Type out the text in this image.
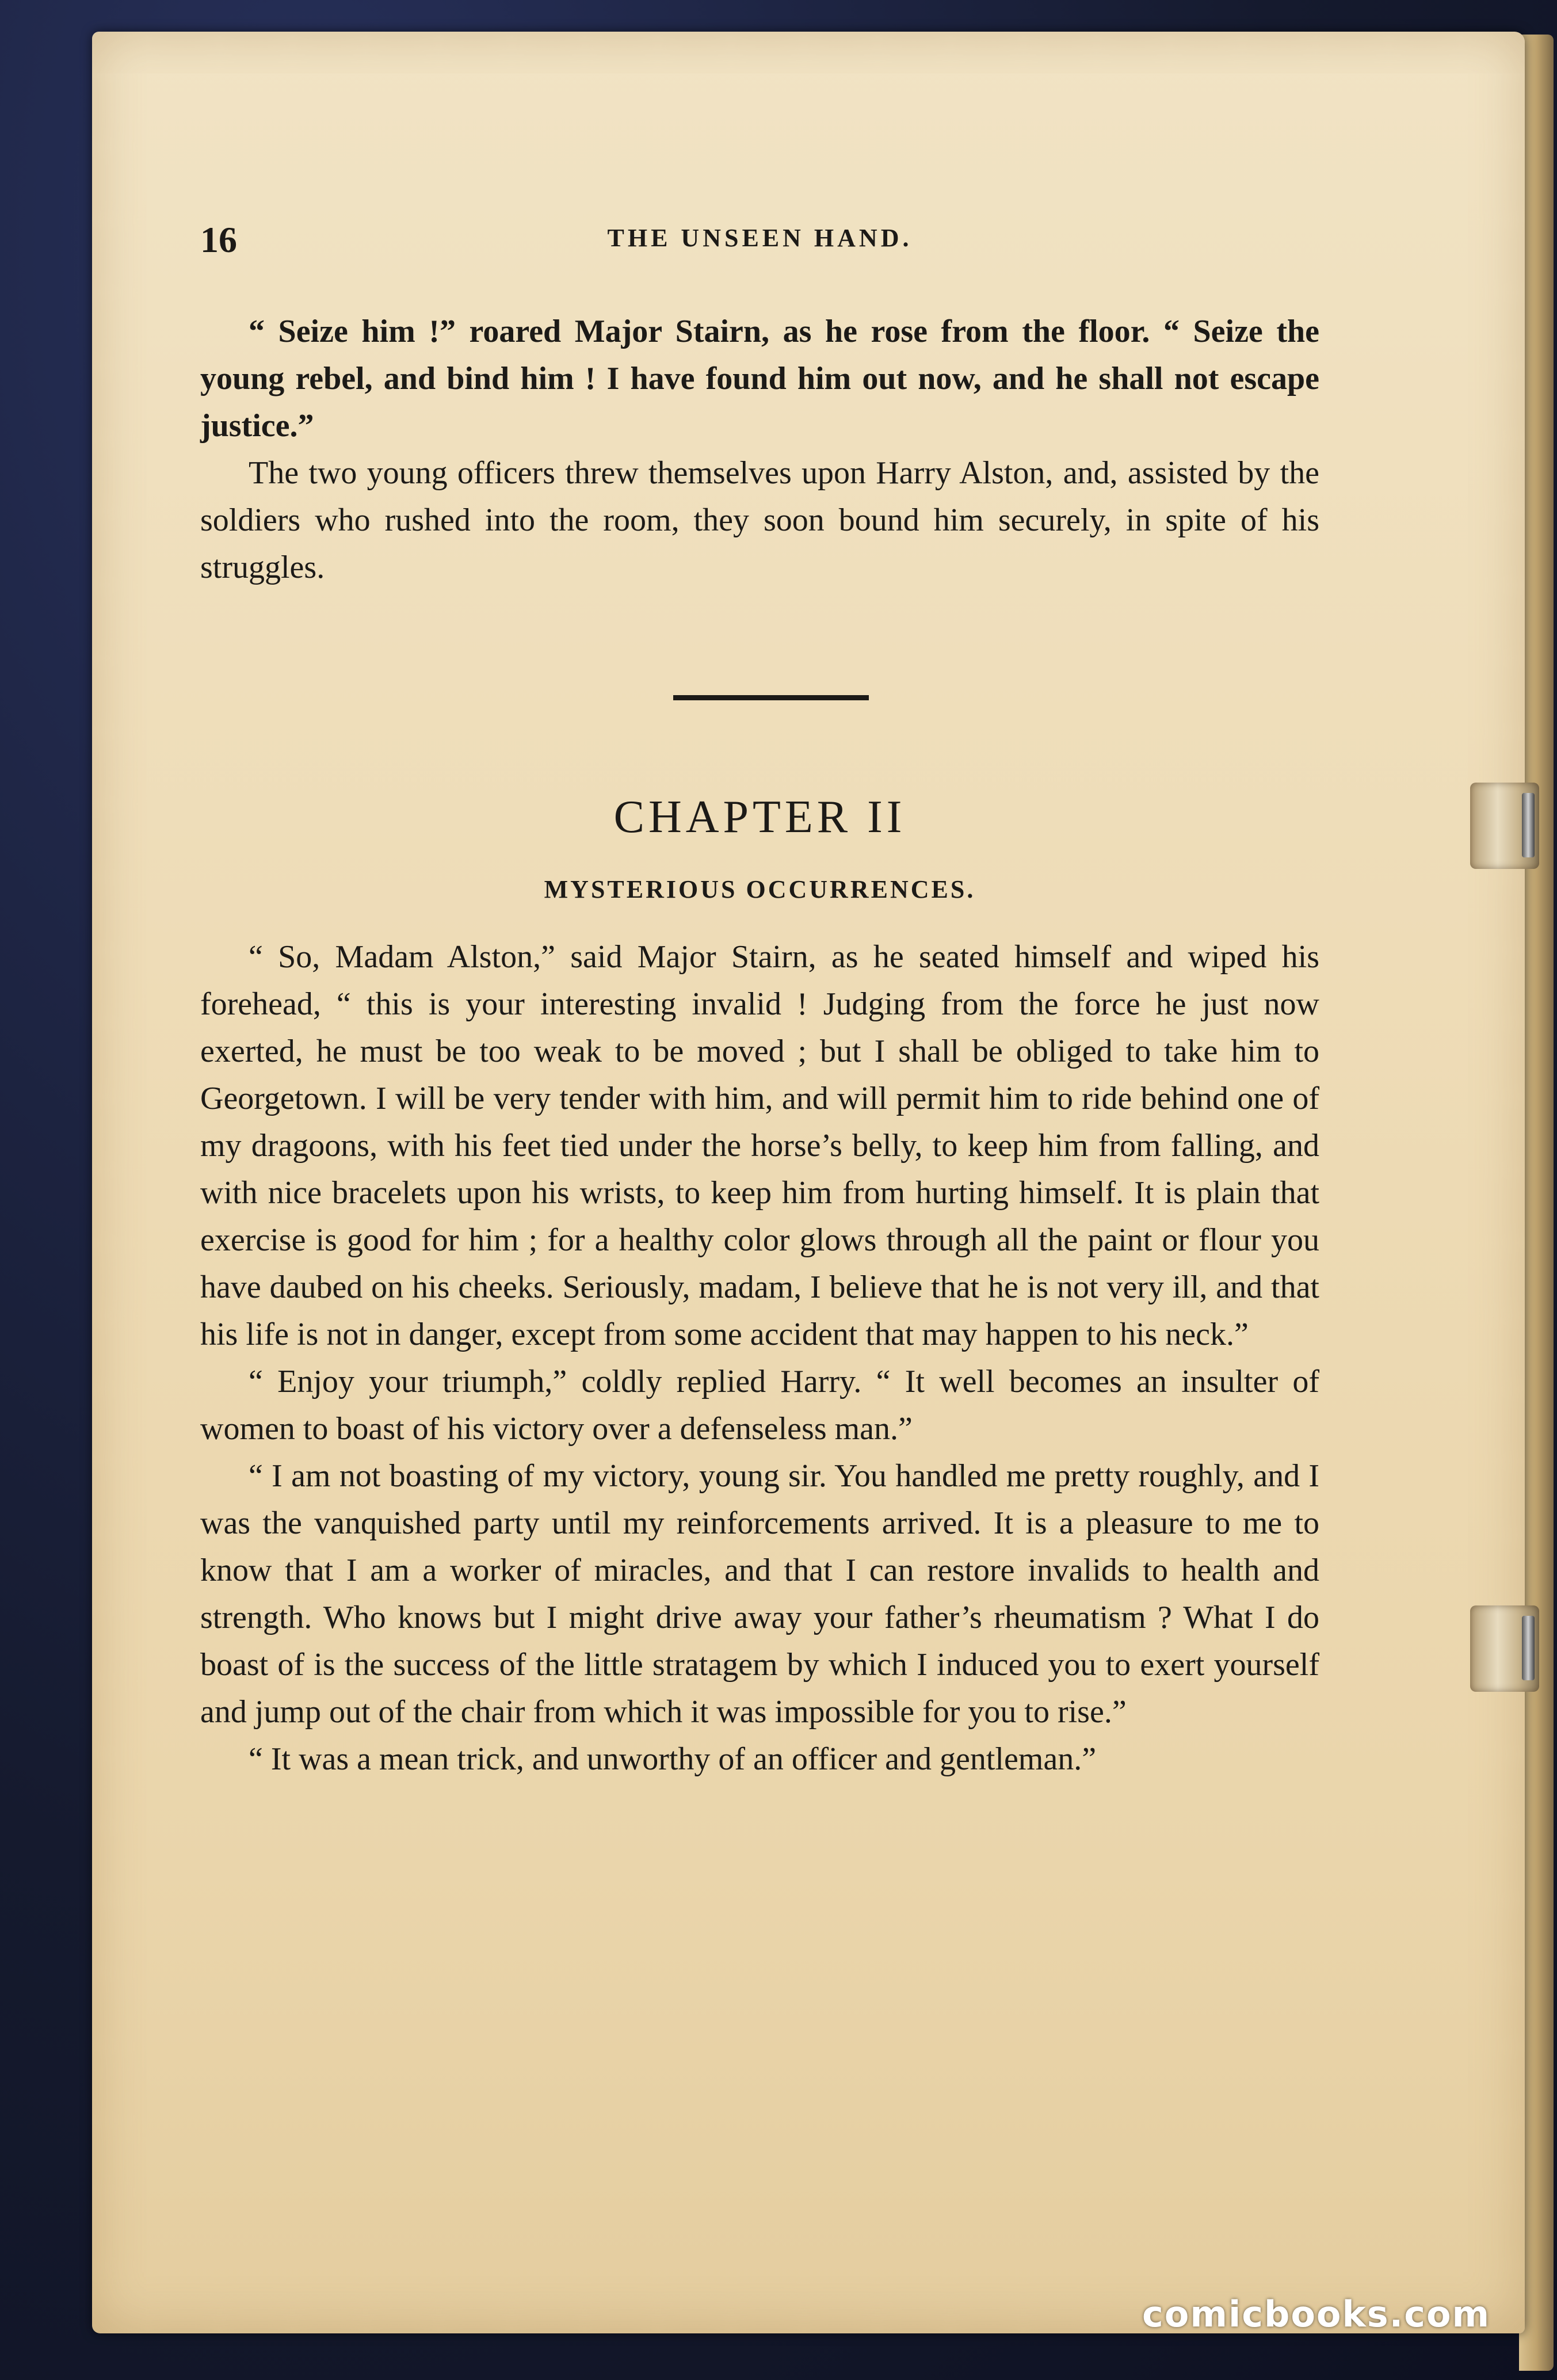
16	THE UNSEEN HAND.

“ Seize him !” roared Major Stairn, as he rose from the floor. “ Seize the young rebel, and bind him ! I have found him out now, and he shall not escape justice.”

The two young officers threw themselves upon Harry Alston, and, assisted by the soldiers who rushed into the room, they soon bound him securely, in spite of his struggles.

CHAPTER II
MYSTERIOUS OCCURRENCES.

“ So, Madam Alston,” said Major Stairn, as he seated himself and wiped his forehead, “ this is your interesting invalid ! Judging from the force he just now exerted, he must be too weak to be moved ; but I shall be obliged to take him to Georgetown. I will be very tender with him, and will permit him to ride behind one of my dragoons, with his feet tied under the horse’s belly, to keep him from falling, and with nice bracelets upon his wrists, to keep him from hurting himself. It is plain that exercise is good for him ; for a healthy color glows through all the paint or flour you have daubed on his cheeks. Seriously, madam, I believe that he is not very ill, and that his life is not in danger, except from some accident that may happen to his neck.”

“ Enjoy your triumph,” coldly replied Harry. “ It well becomes an insulter of women to boast of his victory over a defenseless man.”

“ I am not boasting of my victory, young sir. You handled me pretty roughly, and I was the vanquished party until my reinforcements arrived. It is a pleasure to me to know that I am a worker of miracles, and that I can restore invalids to health and strength. Who knows but I might drive away your father’s rheumatism ? What I do boast of is the success of the little stratagem by which I induced you to exert yourself and jump out of the chair from which it was impossible for you to rise.”

“ It was a mean trick, and unworthy of an officer and gentleman.”

comicbooks.com
